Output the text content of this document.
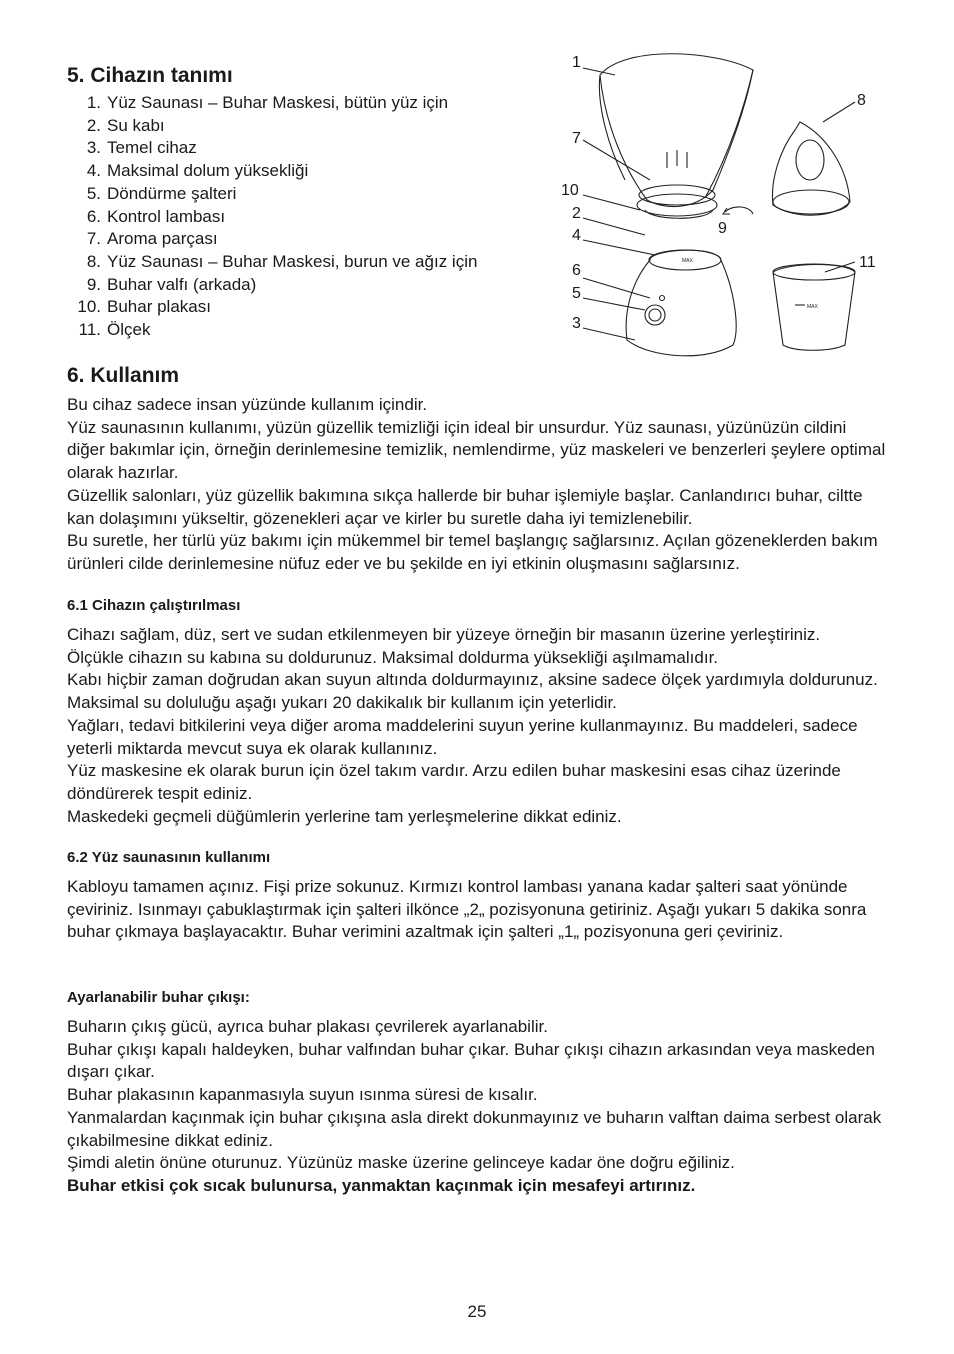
5. Cihazın tanımı
1. Yüz Saunası – Buhar Maskesi, bütün yüz için
2. Su kabı
3. Temel cihaz
4. Maksimal dolum yüksekliği
5. Döndürme şalteri
6. Kontrol lambası
7. Aroma parçası
8. Yüz Saunası – Buhar Maskesi, burun ve ağız için
9. Buhar valfı (arkada)
10. Buhar plakası
11. Ölçek
MAX
MAX
1
7
10
2
4
6
5
3
8
9
11
6. Kullanım

Bu cihaz sadece insan yüzünde kullanım içindir.

Yüz saunasının kullanımı, yüzün güzellik temizliği için ideal bir unsurdur. Yüz saunası, yüzünüzün cildini diğer bakımlar için, örneğin derinlemesine temizlik, nemlendirme, yüz maskeleri ve benzerleri şeylere optimal olarak hazırlar.

Güzellik salonları, yüz güzellik bakımına sıkça hallerde bir buhar işlemiyle başlar. Canlandırıcı buhar, ciltte kan dolaşımını yükseltir, gözenekleri açar ve kirler bu suretle daha iyi temizlenebilir.

Bu suretle, her türlü yüz bakımı için mükemmel bir temel başlangıç sağlarsınız. Açılan gözeneklerden bakım ürünleri cilde derinlemesine nüfuz eder ve bu şekilde en iyi etkinin oluşmasını sağlarsınız.

6.1 Cihazın çalıştırılması

Cihazı sağlam, düz, sert ve sudan etkilenmeyen bir yüzeye örneğin bir masanın üzerine yerleştiriniz.

Ölçükle cihazın su kabına su doldurunuz. Maksimal doldurma yüksekliği aşılmamalıdır.

Kabı hiçbir zaman doğrudan akan suyun altında doldurmayınız, aksine sadece ölçek yardımıyla doldurunuz. Maksimal su doluluğu aşağı yukarı 20 dakikalık bir kullanım için yeterlidir.

Yağları, tedavi bitkilerini veya diğer aroma maddelerini suyun yerine kullanmayınız. Bu maddeleri, sadece yeterli miktarda mevcut suya ek olarak kullanınız.

Yüz maskesine ek olarak burun için özel takım vardır. Arzu edilen buhar maskesini esas cihaz üzerinde döndürerek tespit ediniz.

Maskedeki geçmeli düğümlerin yerlerine tam yerleşmelerine dikkat ediniz.

6.2 Yüz saunasının kullanımı

Kabloyu tamamen açınız. Fişi prize sokunuz. Kırmızı kontrol lambası yanana kadar şalteri saat yönünde çeviriniz. Isınmayı çabuklaştırmak için şalteri ilkönce „2„ pozisyonuna getiriniz. Aşağı yukarı 5 dakika sonra buhar çıkmaya başlayacaktır. Buhar verimini azaltmak için şalteri „1„ pozisyonuna geri çeviriniz.

Ayarlanabilir buhar çıkışı:

Buharın çıkış gücü, ayrıca buhar plakası çevrilerek ayarlanabilir.

Buhar çıkışı kapalı haldeyken, buhar valfından buhar çıkar. Buhar çıkışı cihazın arkasından veya maskeden dışarı çıkar.

Buhar plakasının kapanmasıyla suyun ısınma süresi de kısalır.

Yanmalardan kaçınmak için buhar çıkışına asla direkt dokunmayınız ve buharın valftan daima serbest olarak çıkabilmesine dikkat ediniz.

Şimdi aletin önüne oturunuz. Yüzünüz maske üzerine gelinceye kadar öne doğru eğiliniz.

Buhar etkisi çok sıcak bulunursa, yanmaktan kaçınmak için mesafeyi artırınız.

25
